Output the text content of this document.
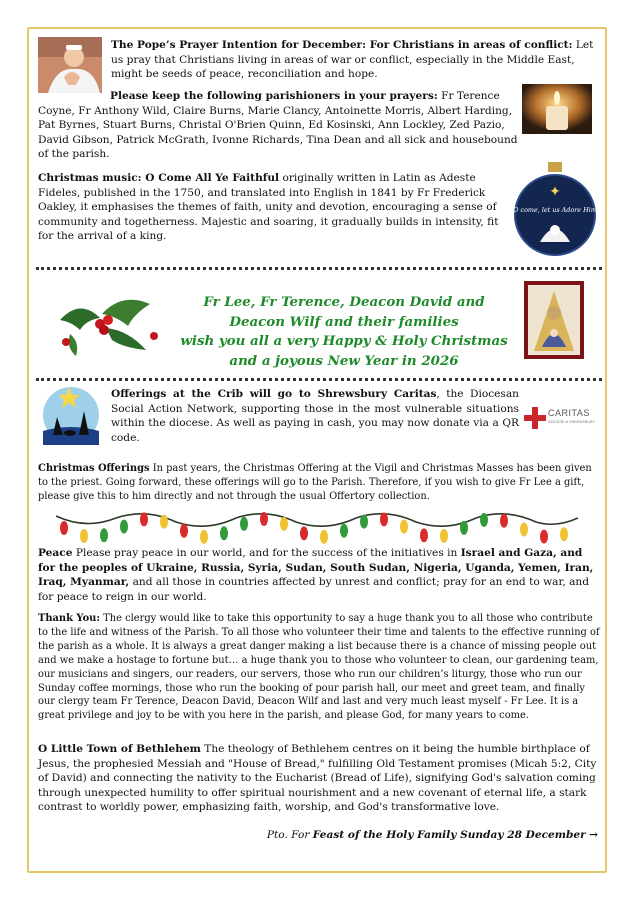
The Pope’s Prayer Intention for December: For Christians in areas of conflict: Let us pray that Christians living in areas of war or conflict, especially in the Middle East, might be seeds of peace, reconciliation and hope.

Please keep the following parishioners in your prayers: Fr Terence Coyne, Fr Anthony Wild, Claire Burns, Marie Clancy, Antoinette Morris, Albert Harding, Pat Byrnes, Stuart Burns, Christal O'Brien Quinn, Ed Kosinski, Ann Lockley, Zed Pazio, David Gibson, Patrick McGrath, Ivonne Richards, Tina Dean and all sick and housebound of the parish.

Christmas music: O Come All Ye Faithful originally written in Latin as Adeste Fideles, published in the 1750, and translated into English in 1841 by Fr Frederick Oakley, it emphasises the themes of faith, unity and devotion, encouraging a sense of community and togetherness. Majestic and soaring, it gradually builds in intensity, fit for the arrival of a king.

✦
O come, let us Adore Him
Fr Lee, Fr Terence, Deacon David and
Deacon Wilf and their families
wish you all a very Happy & Holy Christmas
and a joyous New Year in 2026

Offerings at the Crib will go to Shrewsbury Caritas, the Diocesan Social Action Network, supporting those in the most vulnerable situations within the diocese. As well as paying in cash, you may now donate via a QR code.

CARITAS
DIOCESE of SHREWSBURY

Christmas Offerings In past years, the Christmas Offering at the Vigil and Christmas Masses has been given to the priest. Going forward, these offerings will go to the Parish. Therefore, if you wish to give Fr Lee a gift, please give this to him directly and not through the usual Offertory collection.

Peace Please pray peace in our world, and for the success of the initiatives in Israel and Gaza, and for the peoples of Ukraine, Russia, Syria, Sudan, South Sudan, Nigeria, Uganda, Yemen, Iran, Iraq, Myanmar, and all those in countries affected by unrest and conflict; pray for an end to war, and for peace to reign in our world.

Thank You: The clergy would like to take this opportunity to say a huge thank you to all those who contribute to the life and witness of the Parish. To all those who volunteer their time and talents to the effective running of the parish as a whole. It is always a great danger making a list because there is a chance of missing people out and we make a hostage to fortune but… a huge thank you to those who volunteer to clean, our gardening team, our musicians and singers, our readers, our servers, those who run our children’s liturgy, those who run our Sunday coffee mornings, those who run the booking of pour parish hall, our meet and greet team, and finally our clergy team Fr Terence, Deacon David, Deacon Wilf and last and very much least myself - Fr Lee. It is a great privilege and joy to be with you here in the parish, and please God, for many years to come.

O Little Town of Bethlehem The theology of Bethlehem centres on it being the humble birthplace of Jesus, the prophesied Messiah and "House of Bread," fulfilling Old Testament promises (Micah 5:2, City of David) and connecting the nativity to the Eucharist (Bread of Life), signifying God's salvation coming through unexpected humility to offer spiritual nourishment and a new covenant of eternal life, a stark contrast to worldly power, emphasizing faith, worship, and God's transformative love.

Pto. For Feast of the Holy Family Sunday 28 December →
